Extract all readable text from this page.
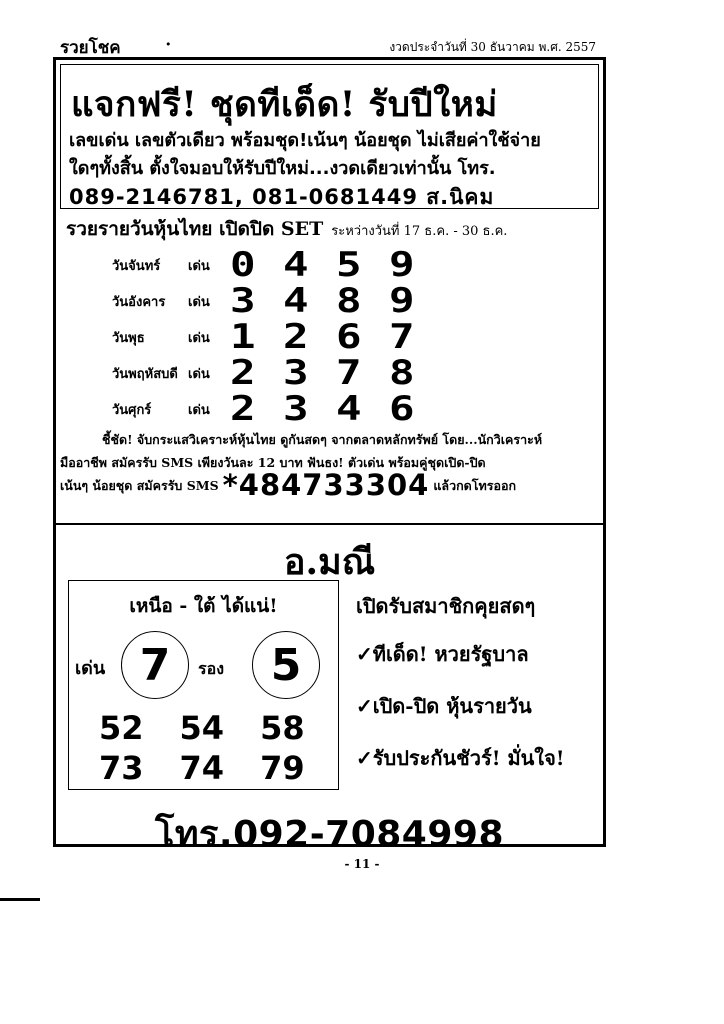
รวยโชค	•	งวดประจำวันที่ 30 ธันวาคม พ.ศ. 2557
แจกฟรี! ชุดทีเด็ด! รับปีใหม่
เลขเด่น เลขตัวเดียว พร้อมชุด!เน้นๆ น้อยชุด ไม่เสียค่าใช้จ่าย
ใดๆทั้งสิ้น ตั้งใจมอบให้รับปีใหม่...งวดเดียวเท่านั้น โทร.
089-2146781, 081-0681449 ส.นิคม
รวยรายวันหุ้นไทย เปิดปิด SET ระหว่างวันที่ 17 ธ.ค. - 30 ธ.ค.
วันจันทร์	เด่น 0 4 5 9
วันอังคาร	เด่น 3 4 8 9
วันพุธ	เด่น 1 2 6 7
วันพฤหัสบดี เด่น 2 3 7 8
วันศุกร์	เด่น 2 3 4 6
ชี้ชัด! จับกระแสวิเคราะห์หุ้นไทย ดูกันสดๆ จากตลาดหลักทรัพย์ โดย...นักวิเคราะห์
มืออาชีพ สมัครรับ SMS เพียงวันละ 12 บาท ฟันธง! ตัวเด่น พร้อมคู่ชุดเปิด-ปิด
เน้นๆ น้อยชุด สมัครรับ SMS *484733304 แล้วกดโทรออก
อ.มณี
เหนือ - ใต้ ได้แน่!
เด่น 7	รอง	5
52 54 58
73 74 79
เปิดรับสมาชิกคุยสดๆ
✓ทีเด็ด! หวยรัฐบาล
✓เปิด-ปิด หุ้นรายวัน
✓รับประกันชัวร์! มั่นใจ!
โทร.092-7084998
- 11 -
